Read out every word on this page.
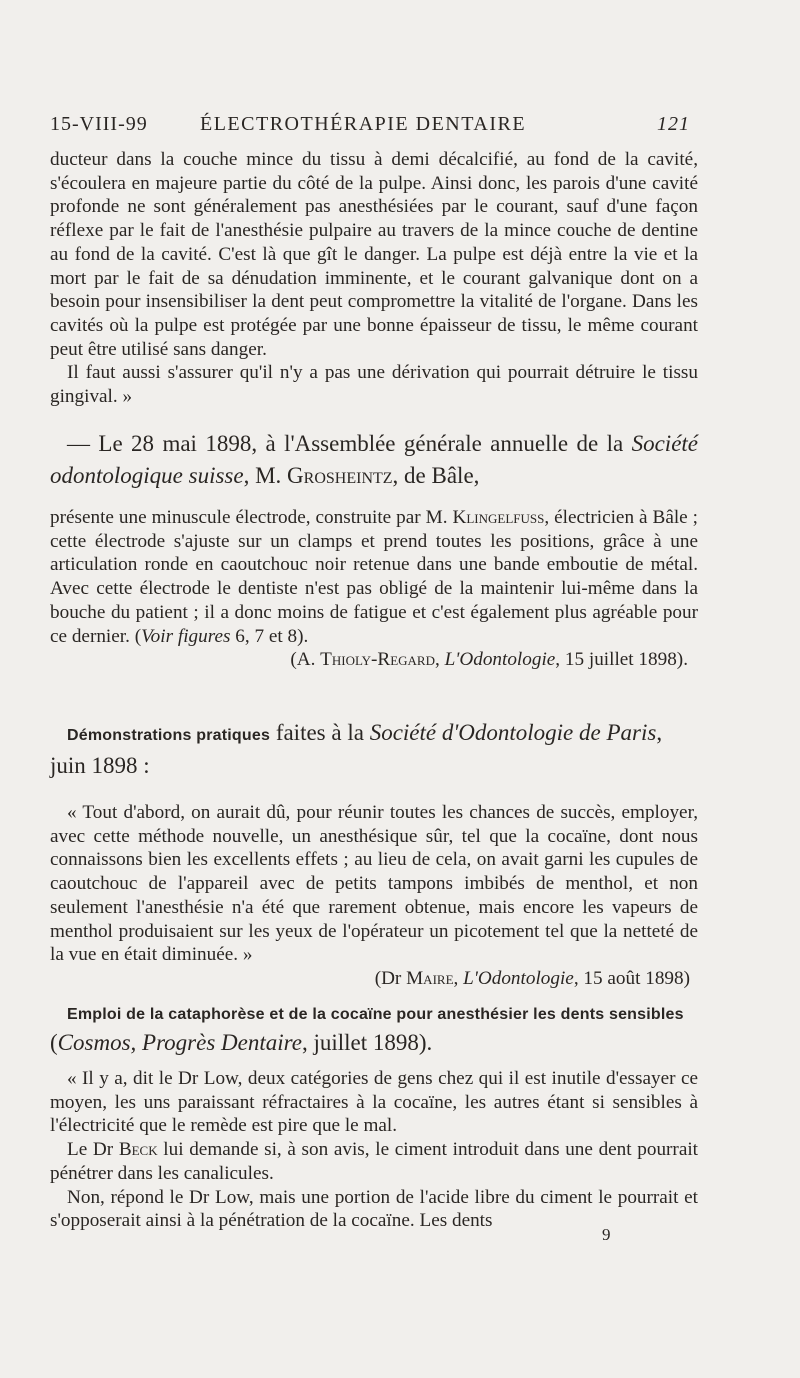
15-VIII-99	ÉLECTROTHÉRAPIE DENTAIRE	121

ducteur dans la couche mince du tissu à demi décalcifié, au fond de la cavité, s'écoulera en majeure partie du côté de la pulpe. Ainsi donc, les parois d'une cavité profonde ne sont généralement pas anesthésiées par le courant, sauf d'une façon réflexe par le fait de l'anesthésie pulpaire au travers de la mince couche de dentine au fond de la cavité. C'est là que gît le danger. La pulpe est déjà entre la vie et la mort par le fait de sa dénudation imminente, et le courant galvanique dont on a besoin pour insensibiliser la dent peut compromettre la vitalité de l'organe. Dans les cavités où la pulpe est protégée par une bonne épaisseur de tissu, le même courant peut être utilisé sans danger.

Il faut aussi s'assurer qu'il n'y a pas une dérivation qui pourrait détruire le tissu gingival. »

— Le 28 mai 1898, à l'Assemblée générale annuelle de la Société odontologique suisse, M. Grosheintz, de Bâle,

présente une minuscule électrode, construite par M. Klingelfuss, électricien à Bâle ; cette électrode s'ajuste sur un clamps et prend toutes les positions, grâce à une articulation ronde en caoutchouc noir retenue dans une bande emboutie de métal. Avec cette électrode le dentiste n'est pas obligé de la maintenir lui-même dans la bouche du patient ; il a donc moins de fatigue et c'est également plus agréable pour ce dernier. (Voir figures 6, 7 et 8).

(A. Thioly-Regard, L'Odontologie, 15 juillet 1898).

Démonstrations pratiques faites à la Société d'Odontologie de Paris, juin 1898 :

« Tout d'abord, on aurait dû, pour réunir toutes les chances de succès, employer, avec cette méthode nouvelle, un anesthésique sûr, tel que la cocaïne, dont nous connaissons bien les excellents effets ; au lieu de cela, on avait garni les cupules de caoutchouc de l'appareil avec de petits tampons imbibés de menthol, et non seulement l'anesthésie n'a été que rarement obtenue, mais encore les vapeurs de menthol produisaient sur les yeux de l'opérateur un picotement tel que la netteté de la vue en était diminuée. »

(Dr Maire, L'Odontologie, 15 août 1898)

Emploi de la cataphorèse et de la cocaïne pour anesthésier les dents sensibles (Cosmos, Progrès Dentaire, juillet 1898).

« Il y a, dit le Dr Low, deux catégories de gens chez qui il est inutile d'essayer ce moyen, les uns paraissant réfractaires à la cocaïne, les autres étant si sensibles à l'électricité que le remède est pire que le mal.

Le Dr Beck lui demande si, à son avis, le ciment introduit dans une dent pourrait pénétrer dans les canalicules.

Non, répond le Dr Low, mais une portion de l'acide libre du ciment le pourrait et s'opposerait ainsi à la pénétration de la cocaïne. Les dents

9
